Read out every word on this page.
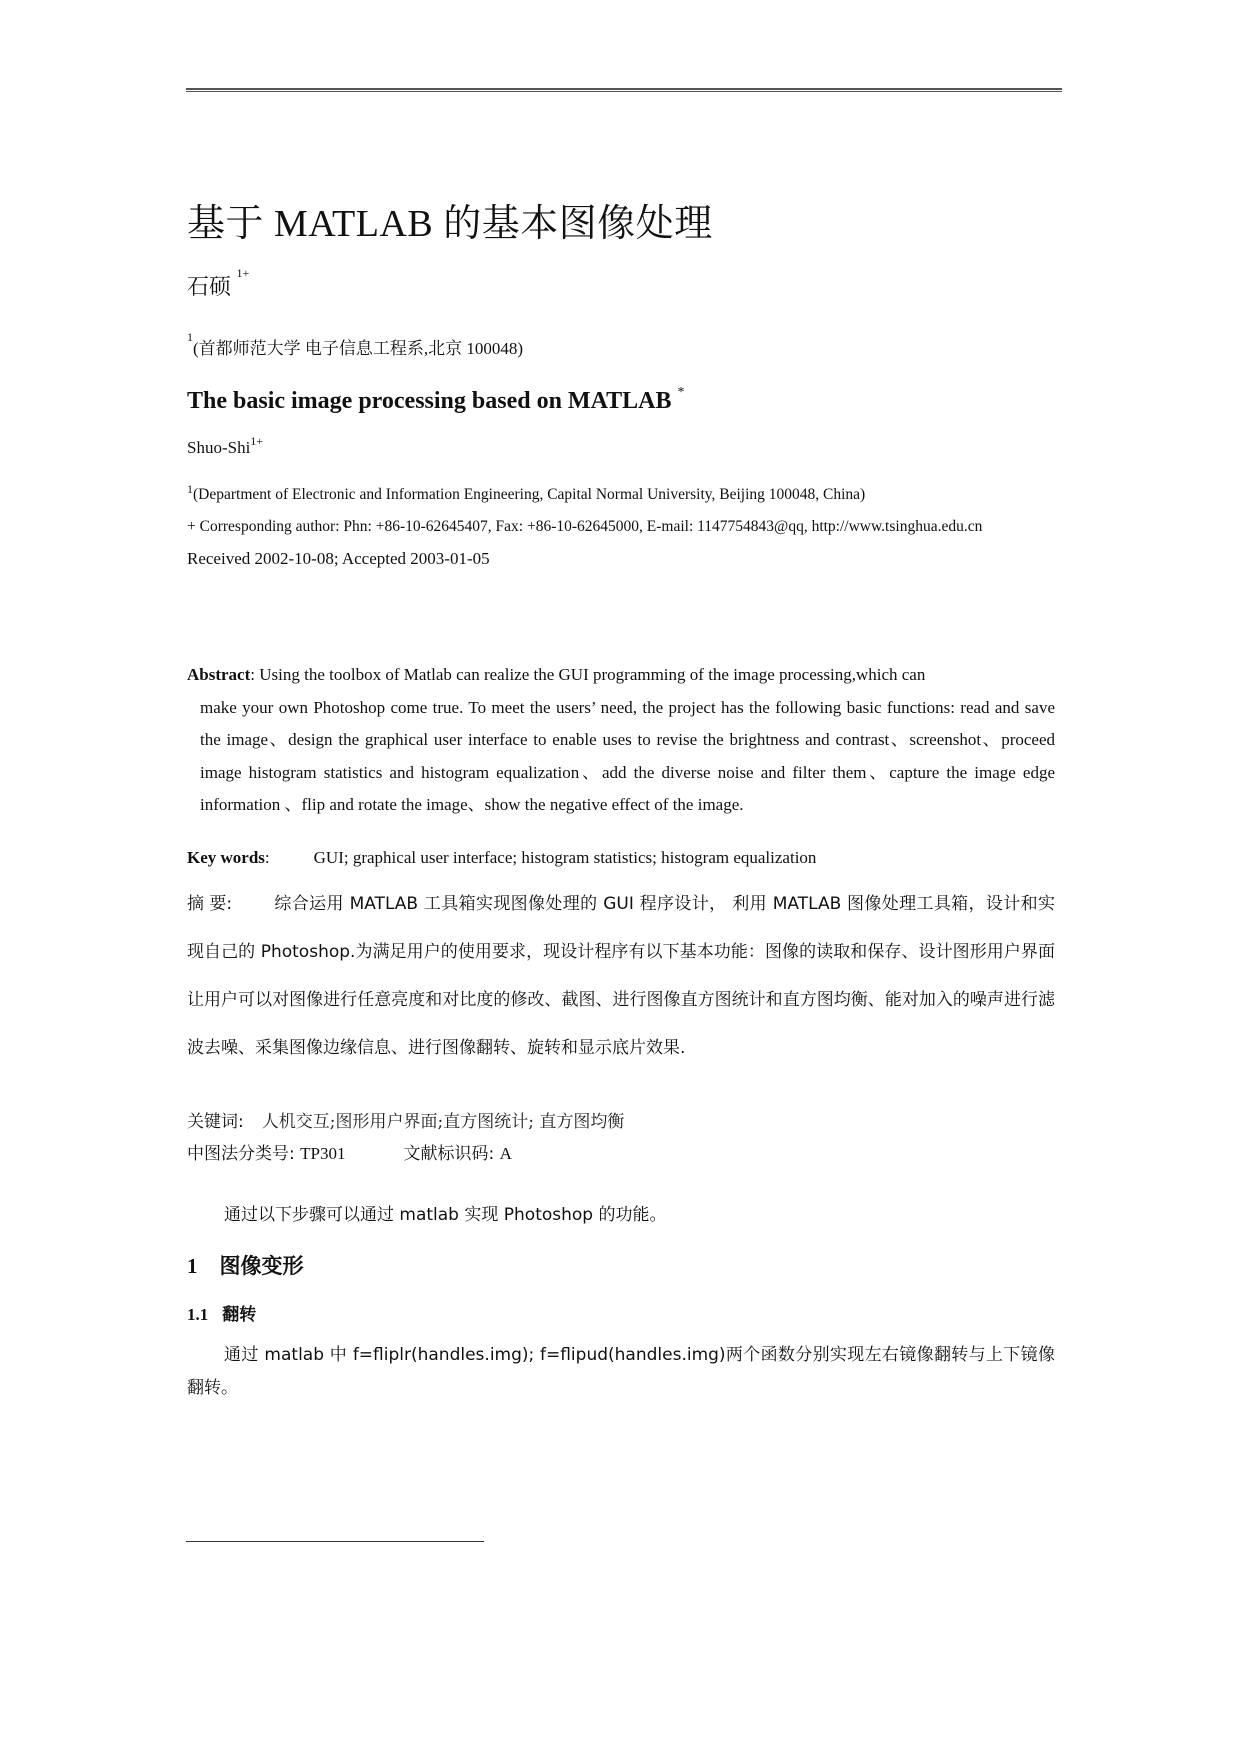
基于 MATLAB 的基本图像处理

石硕 $^{1+}$

$^1$(首都师范大学 电子信息工程系,北京 100048)

The basic image processing based on MATLAB *

Shuo-Shi$^{1+}$

$^1$(Department of Electronic and Information Engineering, Capital Normal University, Beijing 100048, China)

+ Corresponding author: Phn: +86-10-62645407, Fax: +86-10-62645000, E-mail: 1147754843@qq, http://www.tsinghua.edu.cn

Received 2002-10-08; Accepted 2003-01-05

Abstract: Using the toolbox of Matlab can realize the GUI programming of the image processing,which can
make your own Photoshop come true. To meet the users’ need, the project has the following basic functions: read and save the image、design the graphical user interface to enable uses to revise the brightness and contrast、screenshot、proceed image histogram statistics and histogram equalization、add the diverse noise and filter them、capture the image edge information 、flip and rotate the image、show the negative effect of the image.

Key words:	GUI; graphical user interface; histogram statistics; histogram equalization

摘 要: 综合运用 MATLAB 工具箱实现图像处理的 GUI 程序设计， 利用 MATLAB 图像处理工具箱，设计和实现自己的 Photoshop.为满足用户的使用要求，现设计程序有以下基本功能：图像的读取和保存、设计图形用户界面让用户可以对图像进行任意亮度和对比度的修改、截图、进行图像直方图统计和直方图均衡、能对加入的噪声进行滤波去噪、采集图像边缘信息、进行图像翻转、旋转和显示底片效果.

关键词: 人机交互;图形用户界面;直方图统计; 直方图均衡

中图法分类号: TP301	文献标识码: A

通过以下步骤可以通过 matlab 实现 Photoshop 的功能。

1 图像变形
1.1 翻转

通过 matlab 中 f=fliplr(handles.img); f=flipud(handles.img)两个函数分别实现左右镜像翻转与上下镜像翻转。
